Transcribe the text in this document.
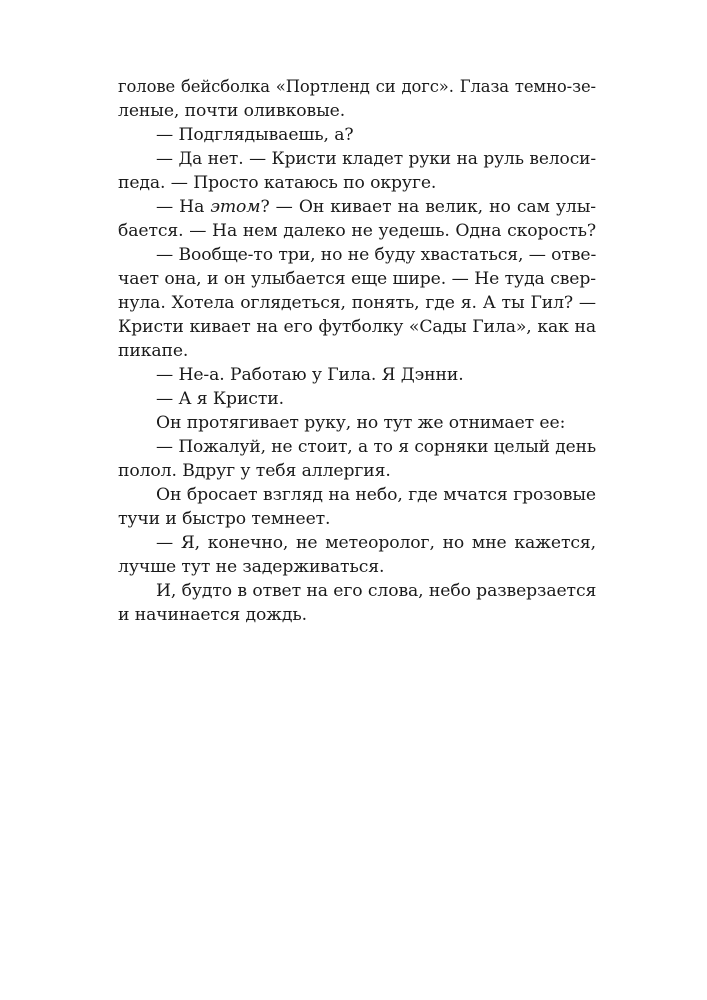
голове бейсболка «Портленд си догс». Глаза темно-зе-
леные, почти оливковые.
— Подглядываешь, а?
— Да нет. — Кристи кладет руки на руль велоси-
педа. — Просто катаюсь по округе.
— На этом? — Он кивает на велик, но сам улы-
бается. — На нем далеко не уедешь. Одна скорость?
— Вообще-то три, но не буду хвастаться, — отве-
чает она, и он улыбается еще шире. — Не туда свер-
нула. Хотела оглядеться, понять, где я. А ты Гил? —
Кристи кивает на его футболку «Сады Гила», как на
пикапе.
— Не-а. Работаю у Гила. Я Дэнни.
— А я Кристи.
Он протягивает руку, но тут же отнимает ее:
— Пожалуй, не стоит, а то я сорняки целый день
полол. Вдруг у тебя аллергия.
Он бросает взгляд на небо, где мчатся грозовые
тучи и быстро темнеет.
— Я, конечно, не метеоролог, но мне кажется,
лучше тут не задерживаться.
И, будто в ответ на его слова, небо разверзается
и начинается дождь.
